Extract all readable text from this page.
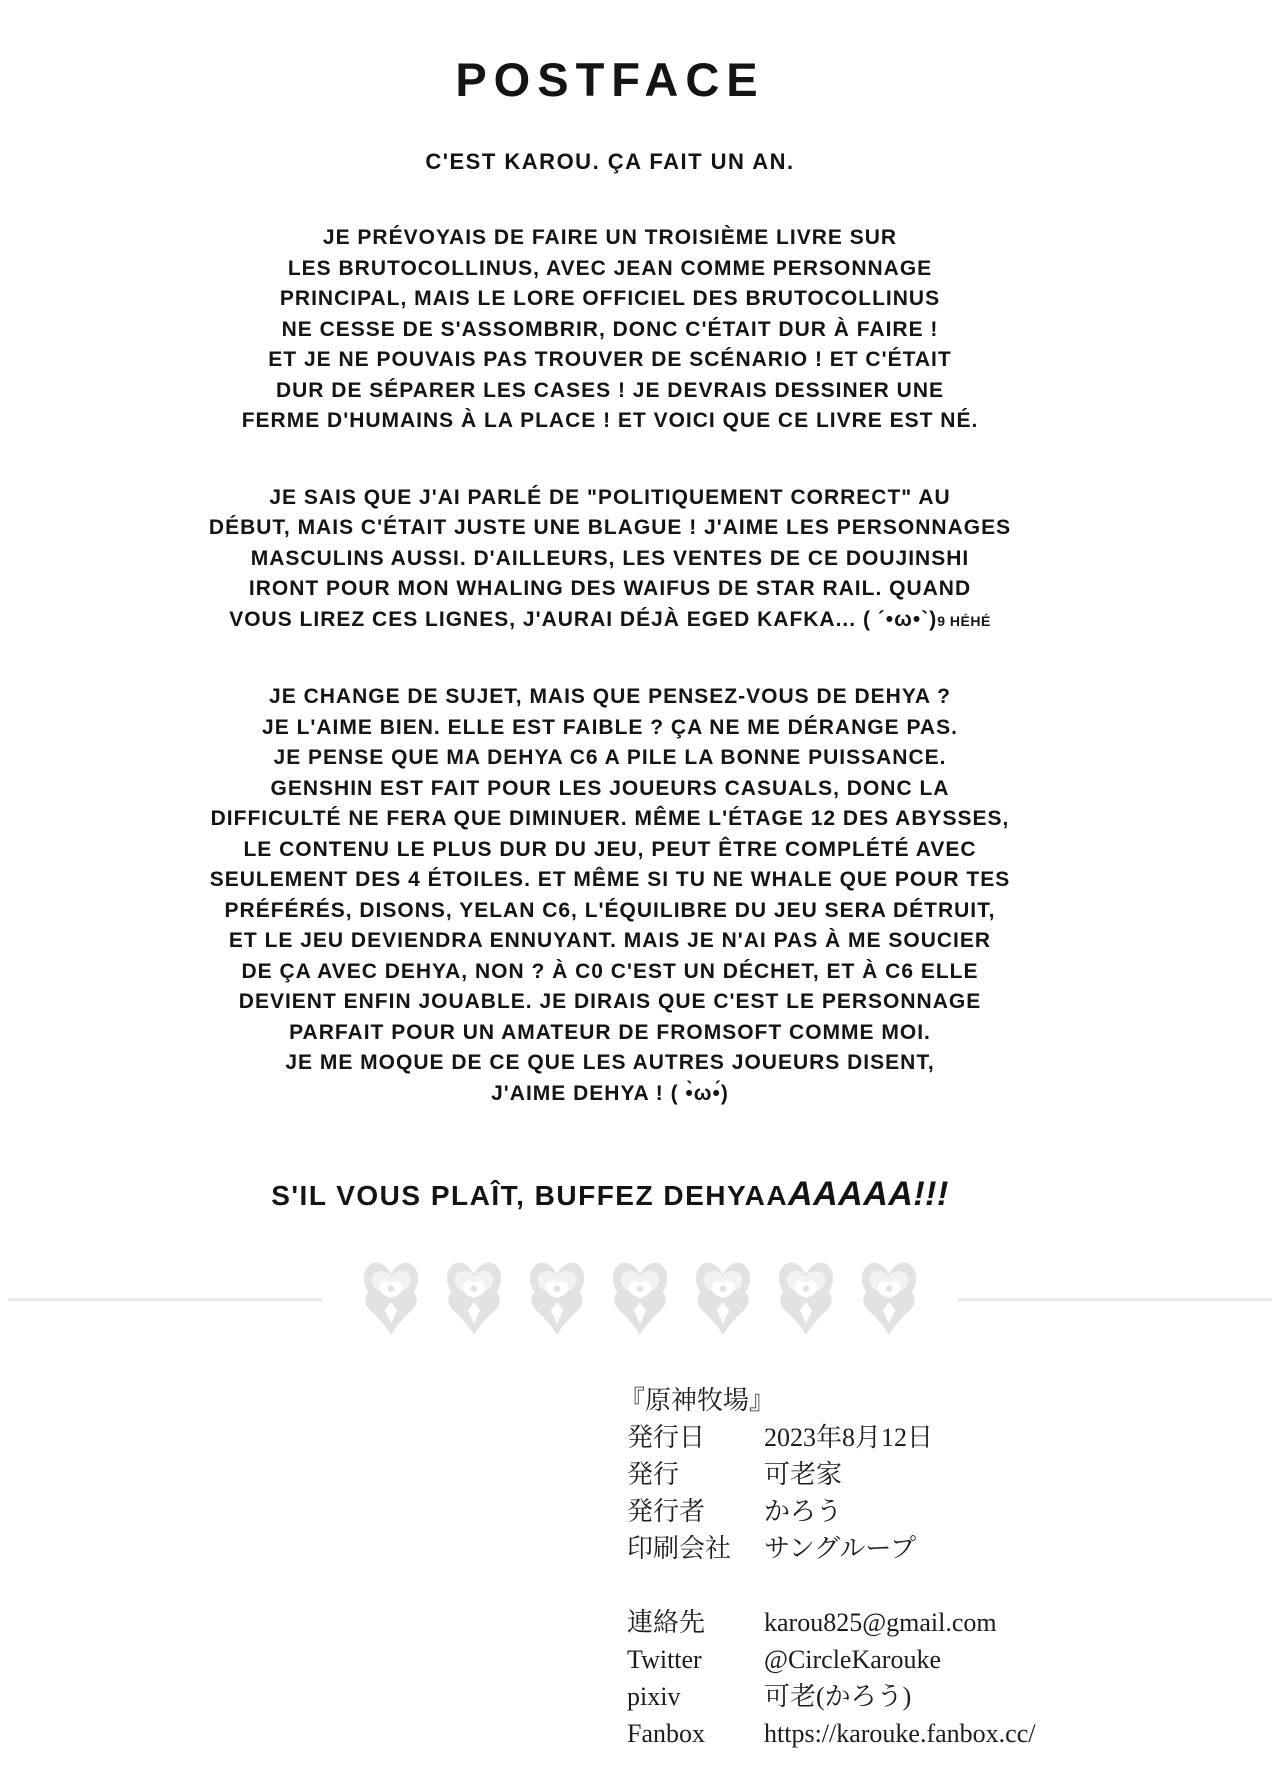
POSTFACE

C'EST KAROU. ÇA FAIT UN AN.

JE PRÉVOYAIS DE FAIRE UN TROISIÈME LIVRE SUR
LES BRUTOCOLLINUS, AVEC JEAN COMME PERSONNAGE
PRINCIPAL, MAIS LE LORE OFFICIEL DES BRUTOCOLLINUS
NE CESSE DE S'ASSOMBRIR, DONC C'ÉTAIT DUR À FAIRE !
ET JE NE POUVAIS PAS TROUVER DE SCÉNARIO ! ET C'ÉTAIT
DUR DE SÉPARER LES CASES ! JE DEVRAIS DESSINER UNE
FERME D'HUMAINS À LA PLACE ! ET VOICI QUE CE LIVRE EST NÉ.
JE SAIS QUE J'AI PARLÉ DE "POLITIQUEMENT CORRECT" AU
DÉBUT, MAIS C'ÉTAIT JUSTE UNE BLAGUE ! J'AIME LES PERSONNAGES
MASCULINS AUSSI. D'AILLEURS, LES VENTES DE CE DOUJINSHI
IRONT POUR MON WHALING DES WAIFUS DE STAR RAIL. QUAND
VOUS LIREZ CES LIGNES, J'AURAI DÉJÀ EGED KAFKA... ( ´•ω•`)9 HÉHÉ
JE CHANGE DE SUJET, MAIS QUE PENSEZ-VOUS DE DEHYA ?
JE L'AIME BIEN. ELLE EST FAIBLE ? ÇA NE ME DÉRANGE PAS.
JE PENSE QUE MA DEHYA C6 A PILE LA BONNE PUISSANCE.
GENSHIN EST FAIT POUR LES JOUEURS CASUALS, DONC LA
DIFFICULTÉ NE FERA QUE DIMINUER. MÊME L'ÉTAGE 12 DES ABYSSES,
LE CONTENU LE PLUS DUR DU JEU, PEUT ÊTRE COMPLÉTÉ AVEC
SEULEMENT DES 4 ÉTOILES. ET MÊME SI TU NE WHALE QUE POUR TES
PRÉFÉRÉS, DISONS, YELAN C6, L'ÉQUILIBRE DU JEU SERA DÉTRUIT,
ET LE JEU DEVIENDRA ENNUYANT. MAIS JE N'AI PAS À ME SOUCIER
DE ÇA AVEC DEHYA, NON ? À C0 C'EST UN DÉCHET, ET À C6 ELLE
DEVIENT ENFIN JOUABLE. JE DIRAIS QUE C'EST LE PERSONNAGE
PARFAIT POUR UN AMATEUR DE FROMSOFT COMME MOI.
JE ME MOQUE DE CE QUE LES AUTRES JOUEURS DISENT,
J'AIME DEHYA ! ( •̀ω•́)

S'IL VOUS PLAÎT, BUFFEZ DEHYAAAAAAA!!!

『原神牧場』
発行日	2023年8月12日
発行	可老家
発行者	かろう
印刷会社	サングループ
連絡先	karou825@gmail.com
Twitter	@CircleKarouke
pixiv	可老(かろう)
Fanbox	https://karouke.fanbox.cc/
